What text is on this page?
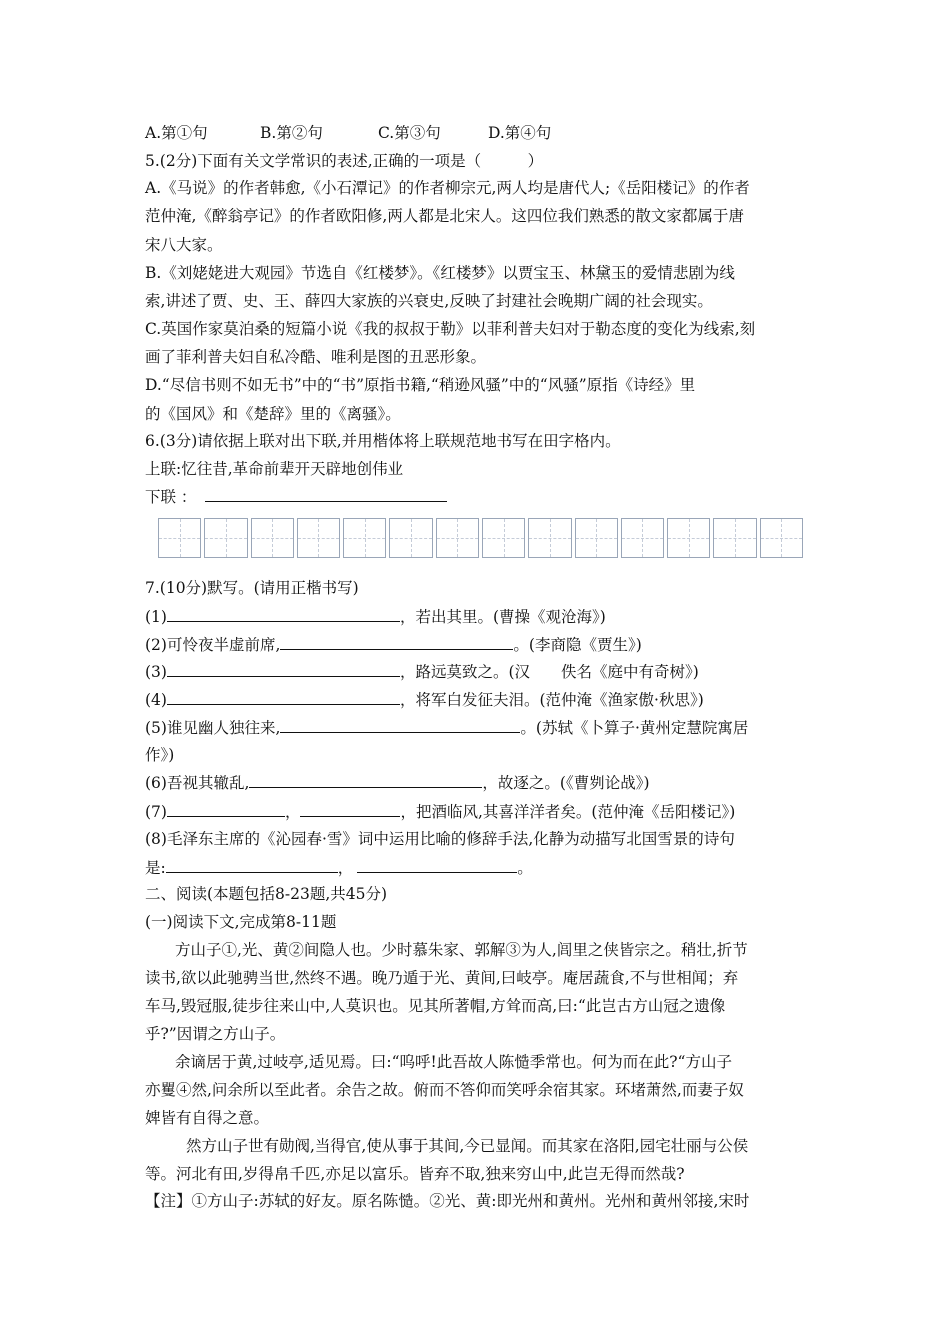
A.第①句	B.第②句	C.第③句	D.第④句
5.(2分)下面有关文学常识的表述,正确的一项是（　　　）
A.《马说》的作者韩愈,《小石潭记》的作者柳宗元,两人均是唐代人;《岳阳楼记》的作者
范仲淹,《醉翁亭记》的作者欧阳修,两人都是北宋人。这四位我们熟悉的散文家都属于唐
宋八大家。
B.《刘姥姥进大观园》节选自《红楼梦》。《红楼梦》以贾宝玉、林黛玉的爱情悲剧为线
索,讲述了贾、史、王、薛四大家族的兴衰史,反映了封建社会晚期广阔的社会现实。
C.英国作家莫泊桑的短篇小说《我的叔叔于勒》以菲利普夫妇对于勒态度的变化为线索,刻
画了菲利普夫妇自私冷酷、唯利是图的丑恶形象。
D.“尽信书则不如无书”中的“书”原指书籍,“稍逊风骚”中的“风骚”原指《诗经》里
的《国风》和《楚辞》里的《离骚》。
6.(3分)请依据上联对出下联,并用楷体将上联规范地书写在田字格内。
上联:忆往昔,革命前辈开天辟地创伟业
下联 ：
7.(10分)默写。(请用正楷书写)
(1)	，若出其里。(曹操《观沧海》)
(2)可怜夜半虚前席,	。(李商隐《贾生》)
(3)	，路远莫致之。(汉　　佚名《庭中有奇树》)
(4)	，将军白发征夫泪。(范仲淹《渔家傲·秋思》)
(5)谁见幽人独往来,	。(苏轼《卜算子·黄州定慧院寓居
作》)
(6)吾视其辙乱,	，故逐之。(《曹刿论战》)
(7)	，	，把酒临风,其喜洋洋者矣。(范仲淹《岳阳楼记》)
(8)毛泽东主席的《沁园春·雪》词中运用比喻的修辞手法,化静为动描写北国雪景的诗句
是:	，	。
二、阅读(本题包括8-23题,共45分)
(一)阅读下文,完成第8-11题
方山子①,光、黄②间隐人也。少时慕朱家、郭解③为人,闾里之侠皆宗之。稍壮,折节
读书,欲以此驰骋当世,然终不遇。晚乃遁于光、黄间,曰岐亭。庵居蔬食,不与世相闻；弃
车马,毁冠服,徒步往来山中,人莫识也。见其所著帽,方耸而高,曰:“此岂古方山冠之遗像
乎?”因谓之方山子。
余谪居于黄,过岐亭,适见焉。曰:“呜呼!此吾故人陈慥季常也。何为而在此?“方山子
亦矍④然,问余所以至此者。余告之故。俯而不答仰而笑呼余宿其家。环堵萧然,而妻子奴
婢皆有自得之意。
然方山子世有勋阀,当得官,使从事于其间,今已显闻。而其家在洛阳,园宅壮丽与公侯
等。河北有田,岁得帛千匹,亦足以富乐。皆弃不取,独来穷山中,此岂无得而然哉?
【注】①方山子:苏轼的好友。原名陈慥。②光、黄:即光州和黄州。光州和黄州邻接,宋时
